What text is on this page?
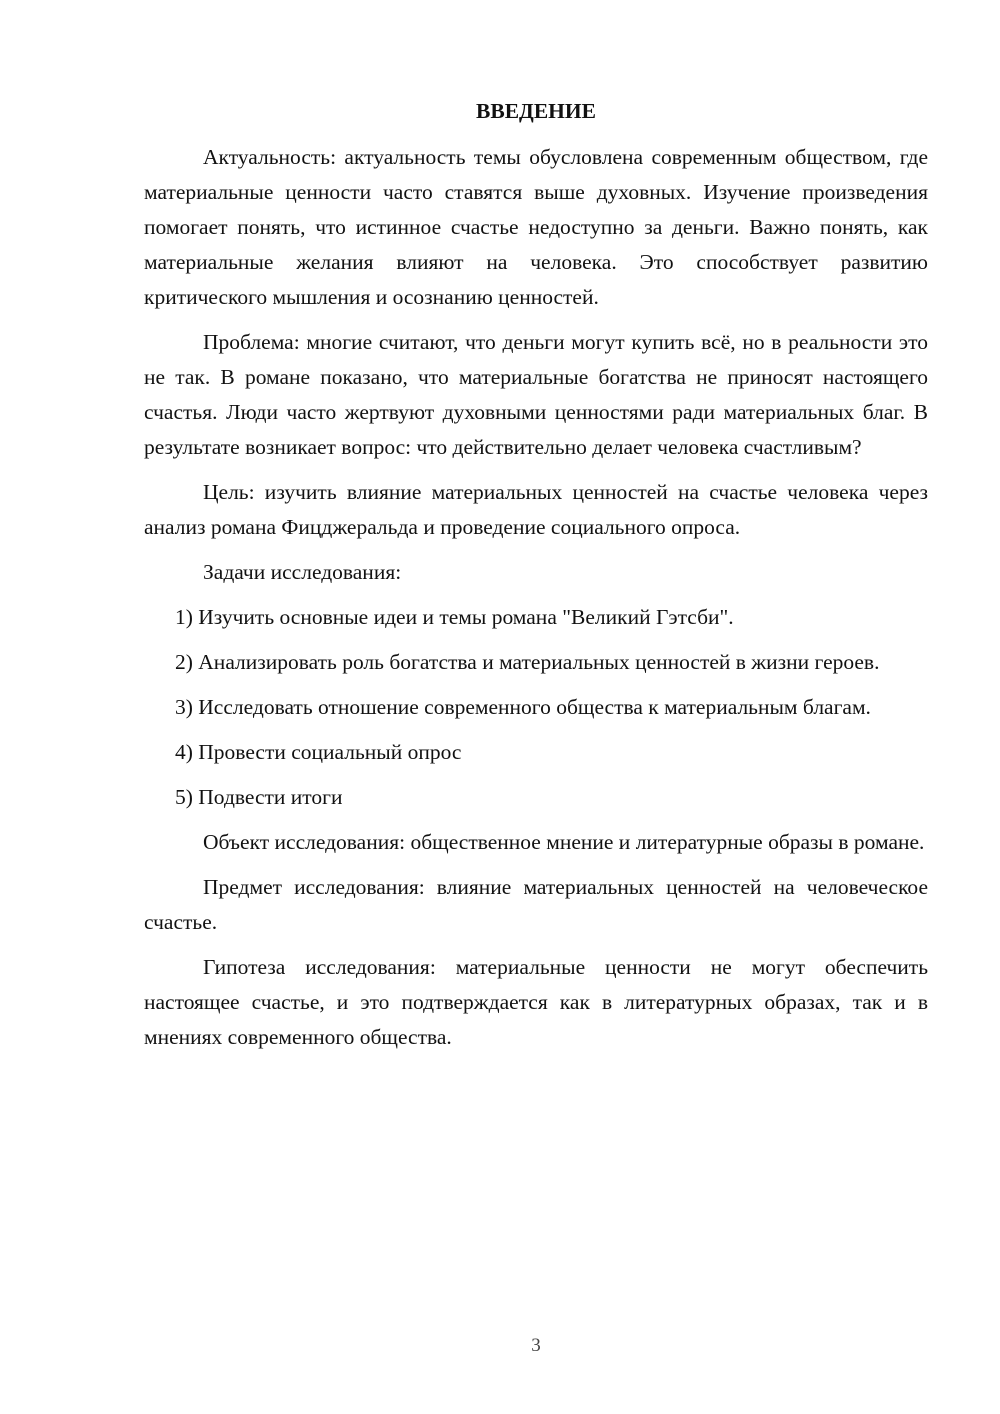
ВВЕДЕНИЕ

Актуальность: актуальность темы обусловлена современным обществом, где материальные ценности часто ставятся выше духовных. Изучение произведения помогает понять, что истинное счастье недоступно за деньги. Важно понять, как материальные желания влияют на человека. Это способствует развитию критического мышления и осознанию ценностей.

Проблема: многие считают, что деньги могут купить всё, но в реальности это не так. В романе показано, что материальные богатства не приносят настоящего счастья. Люди часто жертвуют духовными ценностями ради материальных благ. В результате возникает вопрос: что действительно делает человека счастливым?

Цель: изучить влияние материальных ценностей на счастье человека через анализ романа Фицджеральда и проведение социального опроса.

Задачи исследования:

1) Изучить основные идеи и темы романа "Великий Гэтсби".

2) Анализировать роль богатства и материальных ценностей в жизни героев.

3) Исследовать отношение современного общества к материальным благам.

4) Провести социальный опрос

5) Подвести итоги

Объект исследования: общественное мнение и литературные образы в романе.

Предмет исследования: влияние материальных ценностей на человеческое счастье.

Гипотеза исследования: материальные ценности не могут обеспечить настоящее счастье, и это подтверждается как в литературных образах, так и в мнениях современного общества.

3
